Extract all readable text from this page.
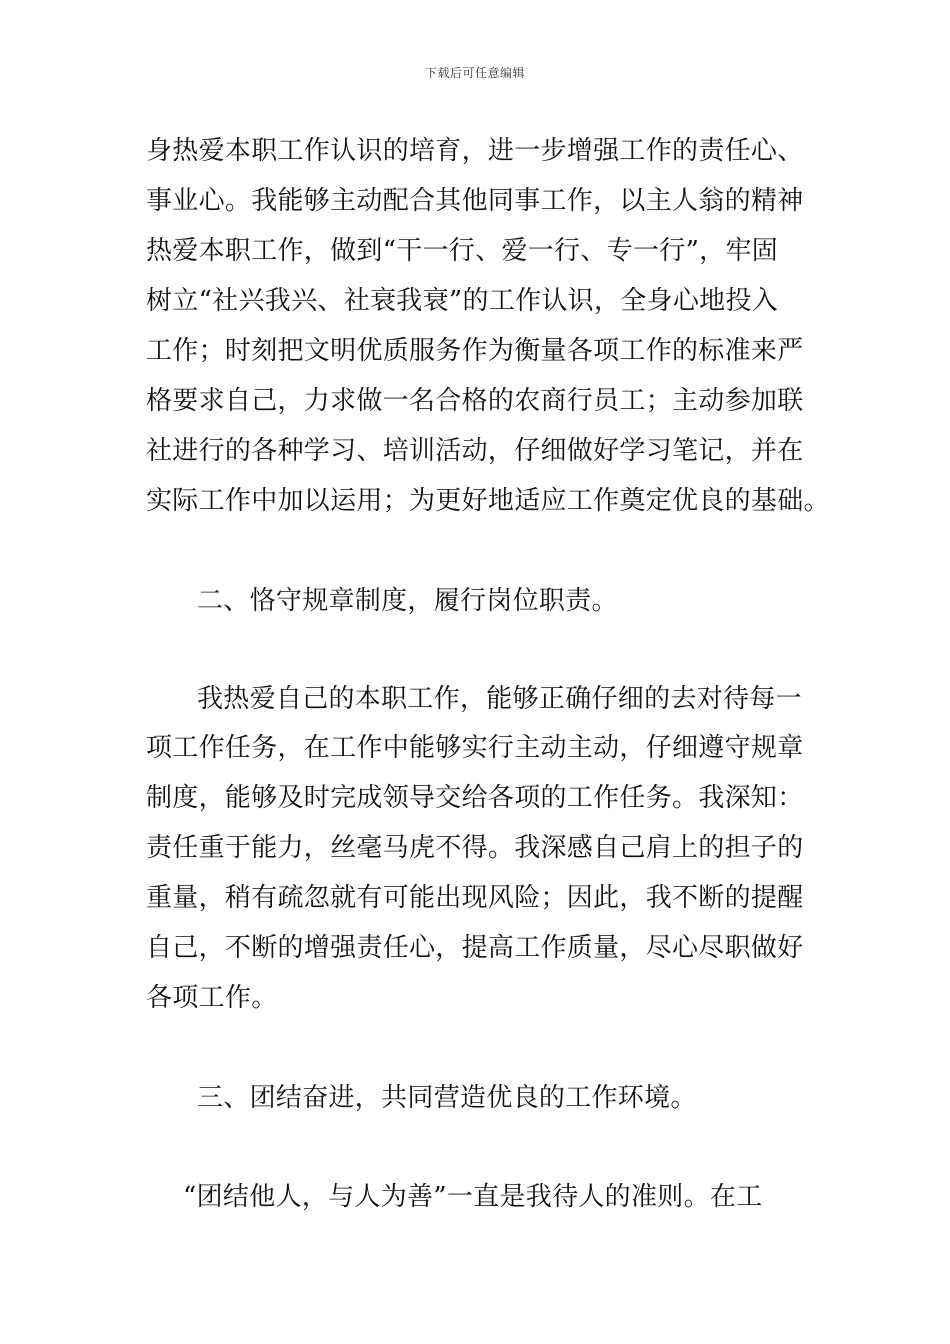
下载后可任意编辑
身热爱本职工作认识的培育，进一步增强工作的责任心、
事业心。我能够主动配合其他同事工作，以主人翁的精神
热爱本职工作，做到“干一行、爱一行、专一行”，牢固
树立“社兴我兴、社衰我衰”的工作认识，全身心地投入
工作；时刻把文明优质服务作为衡量各项工作的标准来严
格要求自己，力求做一名合格的农商行员工；主动参加联
社进行的各种学习、培训活动，仔细做好学习笔记，并在
实际工作中加以运用；为更好地适应工作奠定优良的基础。
二、恪守规章制度，履行岗位职责。
我热爱自己的本职工作，能够正确仔细的去对待每一
项工作任务，在工作中能够实行主动主动，仔细遵守规章
制度，能够及时完成领导交给各项的工作任务。我深知：
责任重于能力，丝毫马虎不得。我深感自己肩上的担子的
重量，稍有疏忽就有可能出现风险；因此，我不断的提醒
自己，不断的增强责任心，提高工作质量，尽心尽职做好
各项工作。
三、团结奋进，共同营造优良的工作环境。
“团结他人，与人为善”一直是我待人的准则。在工
